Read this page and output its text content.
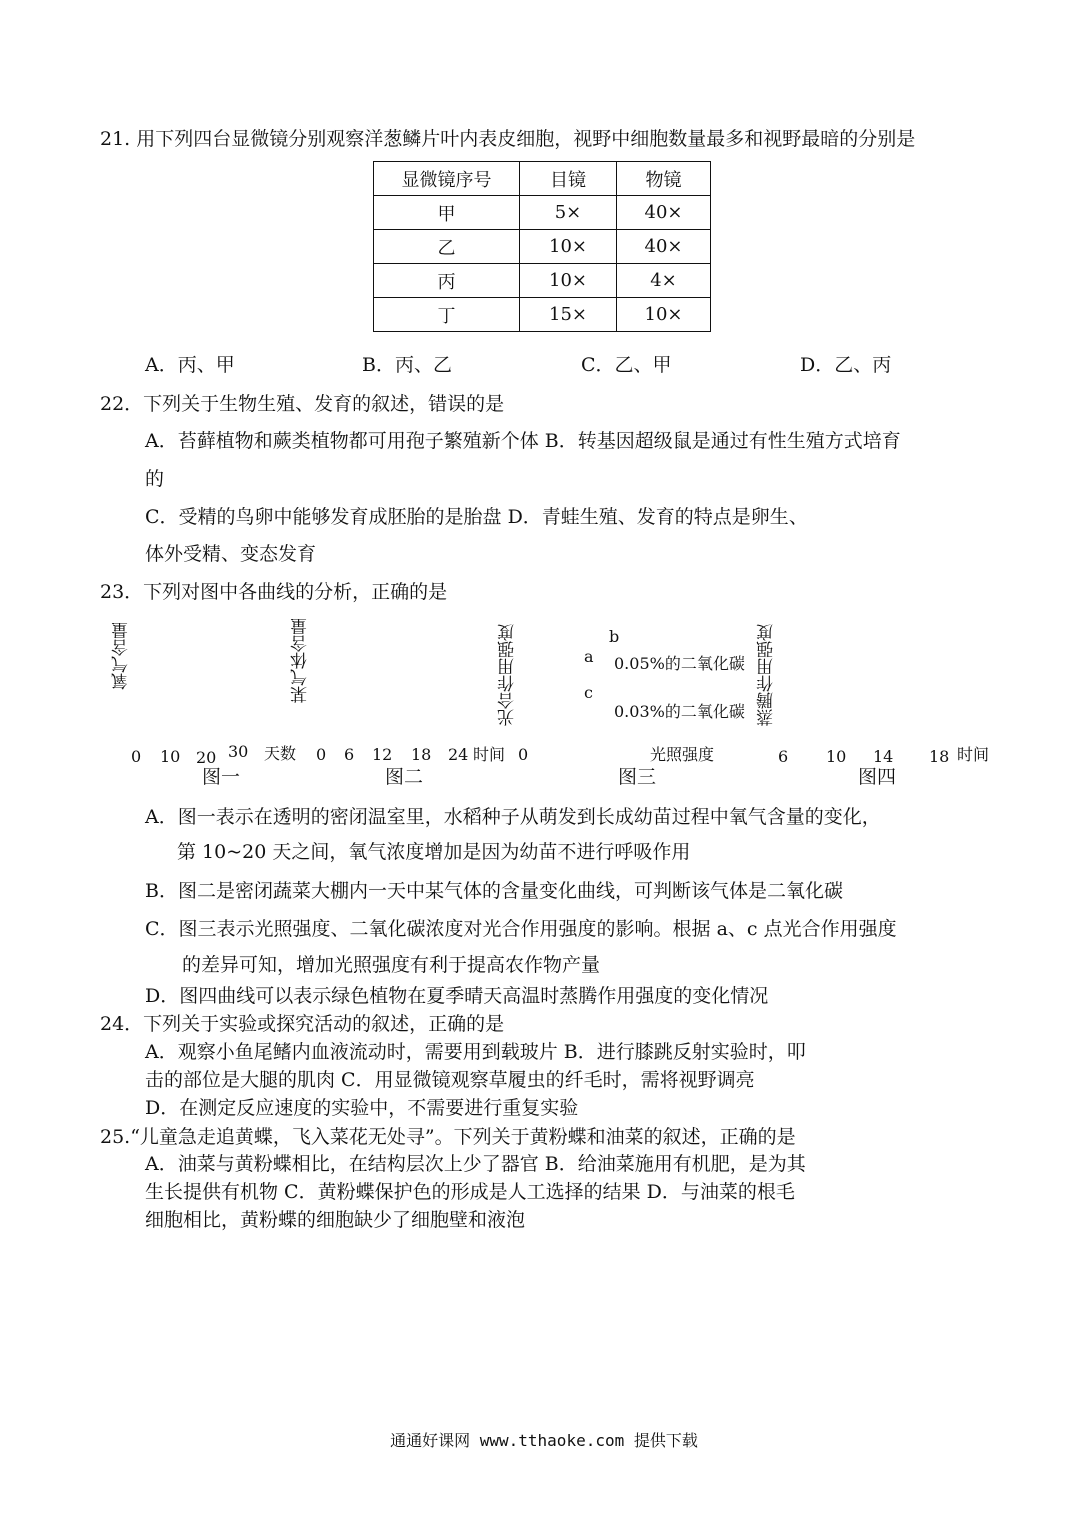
21. 用下列四台显微镜分别观察洋葱鳞片叶内表皮细胞，视野中细胞数量最多和视野最暗的分别是
显微镜序号	目镜	物镜
甲	5×	40×
乙	10×	40×
丙	10×	4×
丁	15×	10×
A．丙、甲	B．丙、乙	C．乙、甲	D．乙、丙
22．下列关于生物生殖、发育的叙述，错误的是
A．苔藓植物和蕨类植物都可用孢子繁殖新个体 B．转基因超级鼠是通过有性生殖方式培育
的
C．受精的鸟卵中能够发育成胚胎的是胎盘 D．青蛙生殖、发育的特点是卵生、
体外受精、变态发育
23．下列对图中各曲线的分析，正确的是
氧气含量
0 10 20 30 天数
图一
某气体含量
0 6 12 18 24 时间
图二
0
光合作用强度	b
a
c
0.05%的二氧化碳
0.03%的二氧化碳
光照强度
图三
蒸腾作用强度
6 10 14 18 时间
图四
A．图一表示在透明的密闭温室里，水稻种子从萌发到长成幼苗过程中氧气含量的变化，
第 10~20 天之间，氧气浓度增加是因为幼苗不进行呼吸作用
B．图二是密闭蔬菜大棚内一天中某气体的含量变化曲线，可判断该气体是二氧化碳
C．图三表示光照强度、二氧化碳浓度对光合作用强度的影响。根据 a、c 点光合作用强度
的差异可知，增加光照强度有利于提高农作物产量
D．图四曲线可以表示绿色植物在夏季晴天高温时蒸腾作用强度的变化情况
24．下列关于实验或探究活动的叙述，正确的是
A．观察小鱼尾鳍内血液流动时，需要用到载玻片 B．进行膝跳反射实验时，叩
击的部位是大腿的肌肉 C．用显微镜观察草履虫的纤毛时，需将视野调亮
D．在测定反应速度的实验中，不需要进行重复实验
25.“儿童急走追黄蝶，飞入菜花无处寻”。下列关于黄粉蝶和油菜的叙述，正确的是
A．油菜与黄粉蝶相比，在结构层次上少了器官 B．给油菜施用有机肥，是为其
生长提供有机物 C．黄粉蝶保护色的形成是人工选择的结果 D．与油菜的根毛
细胞相比，黄粉蝶的细胞缺少了细胞壁和液泡
通通好课网 www.tthaoke.com 提供下载
